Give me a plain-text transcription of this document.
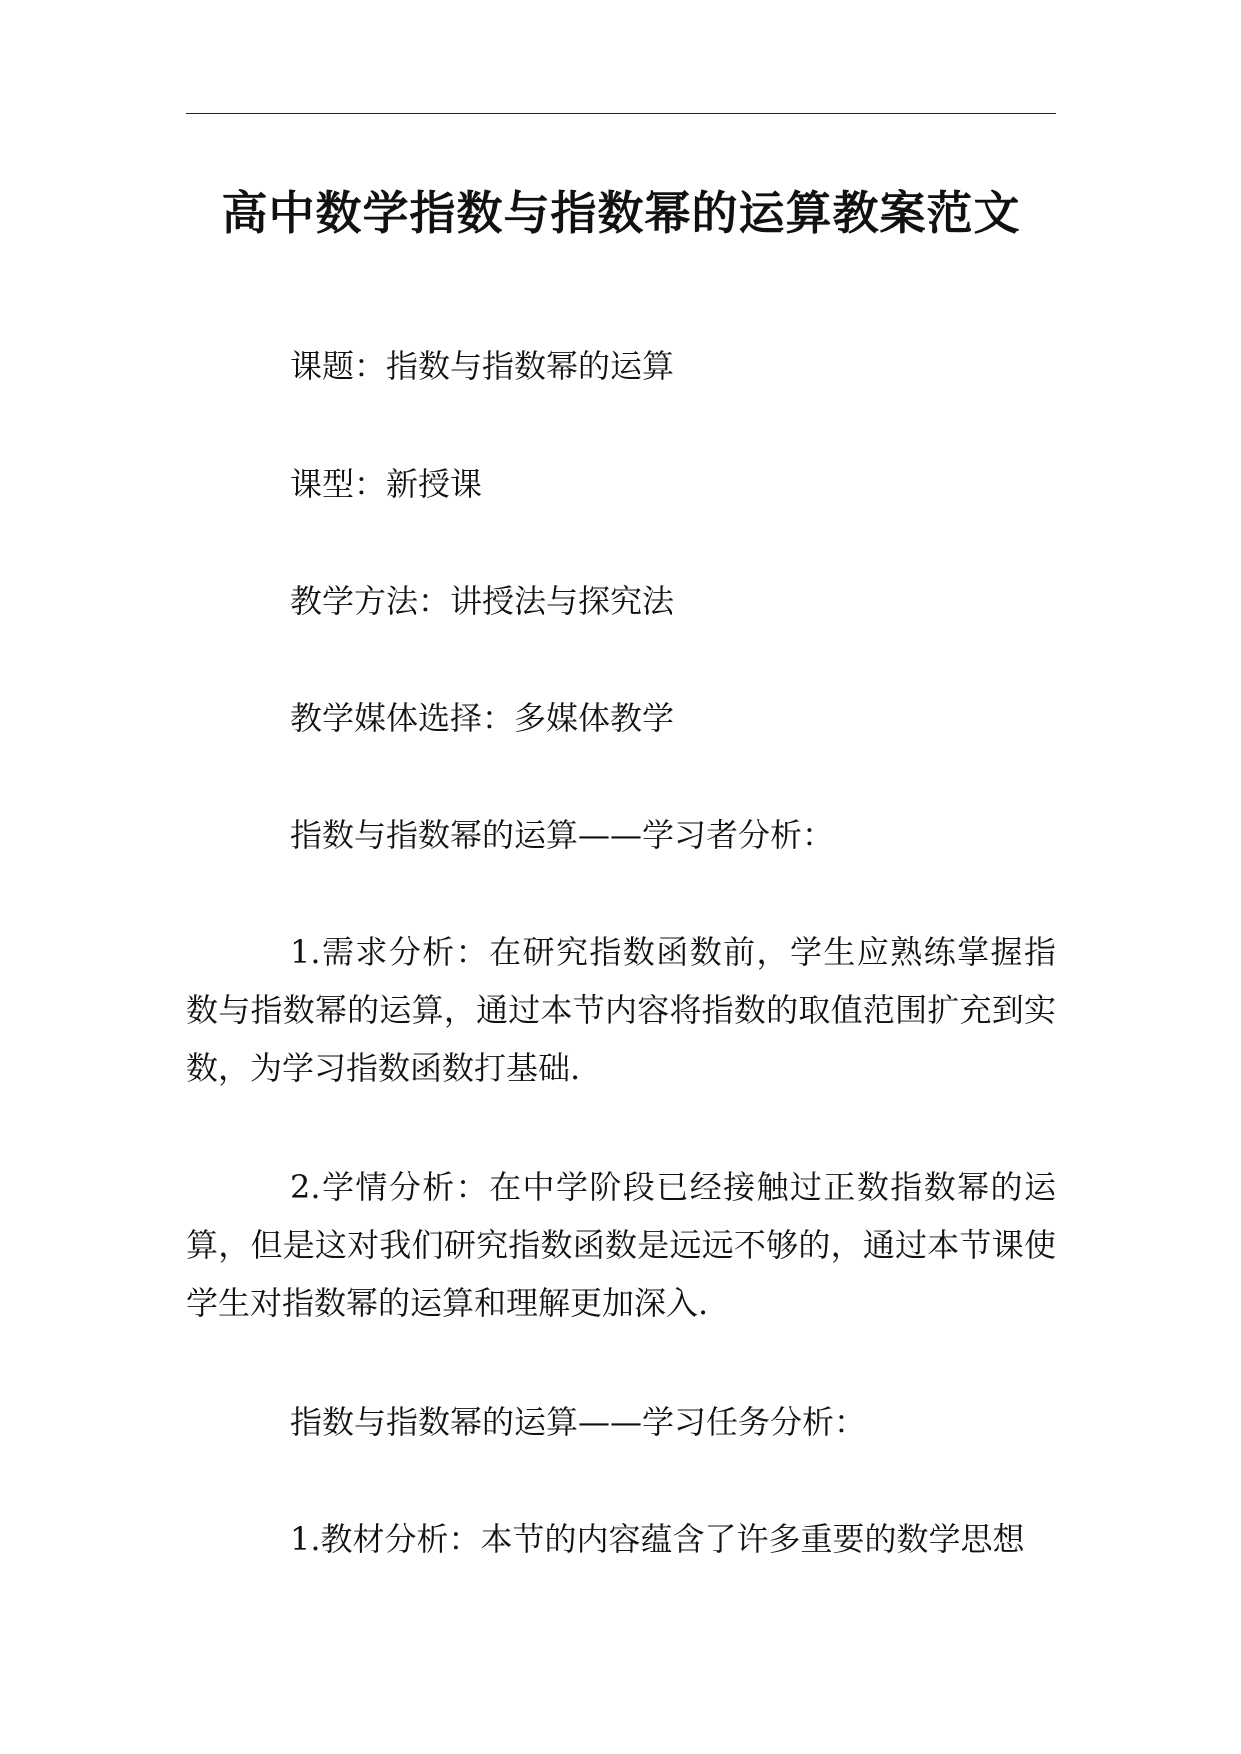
高中数学指数与指数幂的运算教案范文

课题：指数与指数幂的运算

课型：新授课

教学方法：讲授法与探究法

教学媒体选择：多媒体教学

指数与指数幂的运算——学习者分析：

1.需求分析：在研究指数函数前，学生应熟练掌握指数与指数幂的运算，通过本节内容将指数的取值范围扩充到实数，为学习指数函数打基础.

2.学情分析：在中学阶段已经接触过正数指数幂的运算，但是这对我们研究指数函数是远远不够的，通过本节课使学生对指数幂的运算和理解更加深入.

指数与指数幂的运算——学习任务分析：

1.教材分析：本节的内容蕴含了许多重要的数学思想
